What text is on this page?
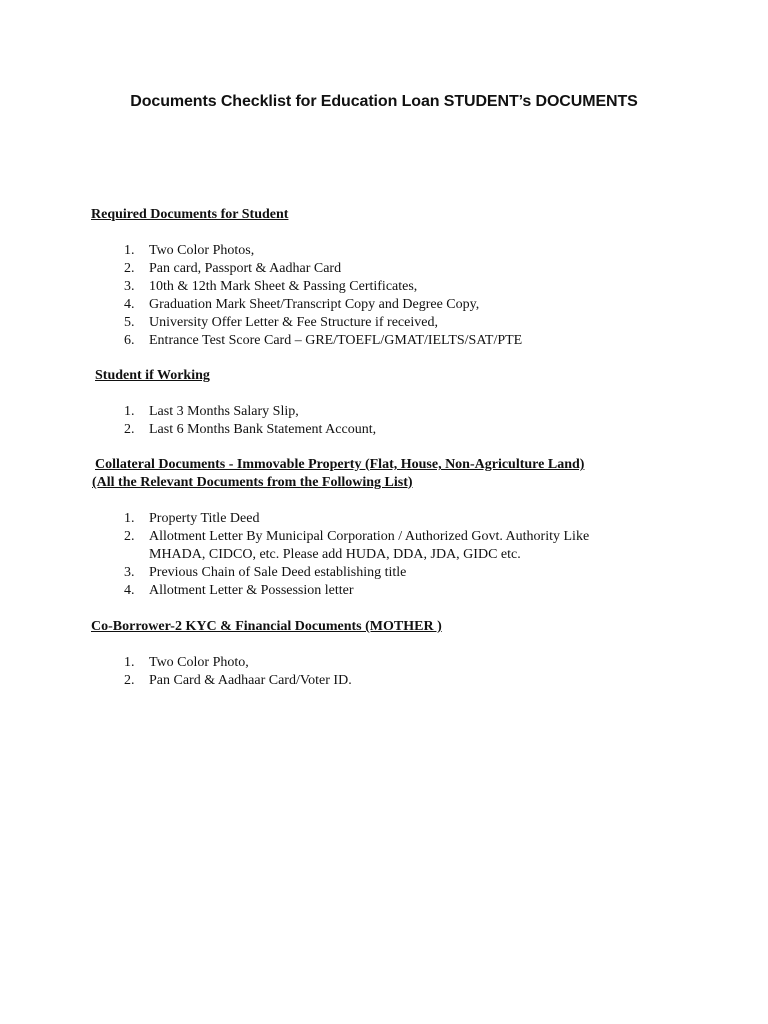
Documents Checklist for Education Loan STUDENT’s DOCUMENTS
Required Documents for Student
1. Two Color Photos,
2. Pan card, Passport & Aadhar Card
3. 10th & 12th Mark Sheet & Passing Certificates,
4. Graduation Mark Sheet/Transcript Copy and Degree Copy,
5. University Offer Letter & Fee Structure if received,
6. Entrance Test Score Card – GRE/TOEFL/GMAT/IELTS/SAT/PTE
Student if Working
1. Last 3 Months Salary Slip,
2. Last 6 Months Bank Statement Account,
Collateral Documents - Immovable Property (Flat, House, Non-Agriculture Land)
(All the Relevant Documents from the Following List)
1. Property Title Deed
2. Allotment Letter By Municipal Corporation / Authorized Govt. Authority Like
MHADA, CIDCO, etc. Please add HUDA, DDA, JDA, GIDC etc.
3. Previous Chain of Sale Deed establishing title
4. Allotment Letter & Possession letter
Co-Borrower-2 KYC & Financial Documents (MOTHER )
1. Two Color Photo,
2. Pan Card & Aadhaar Card/Voter ID.
